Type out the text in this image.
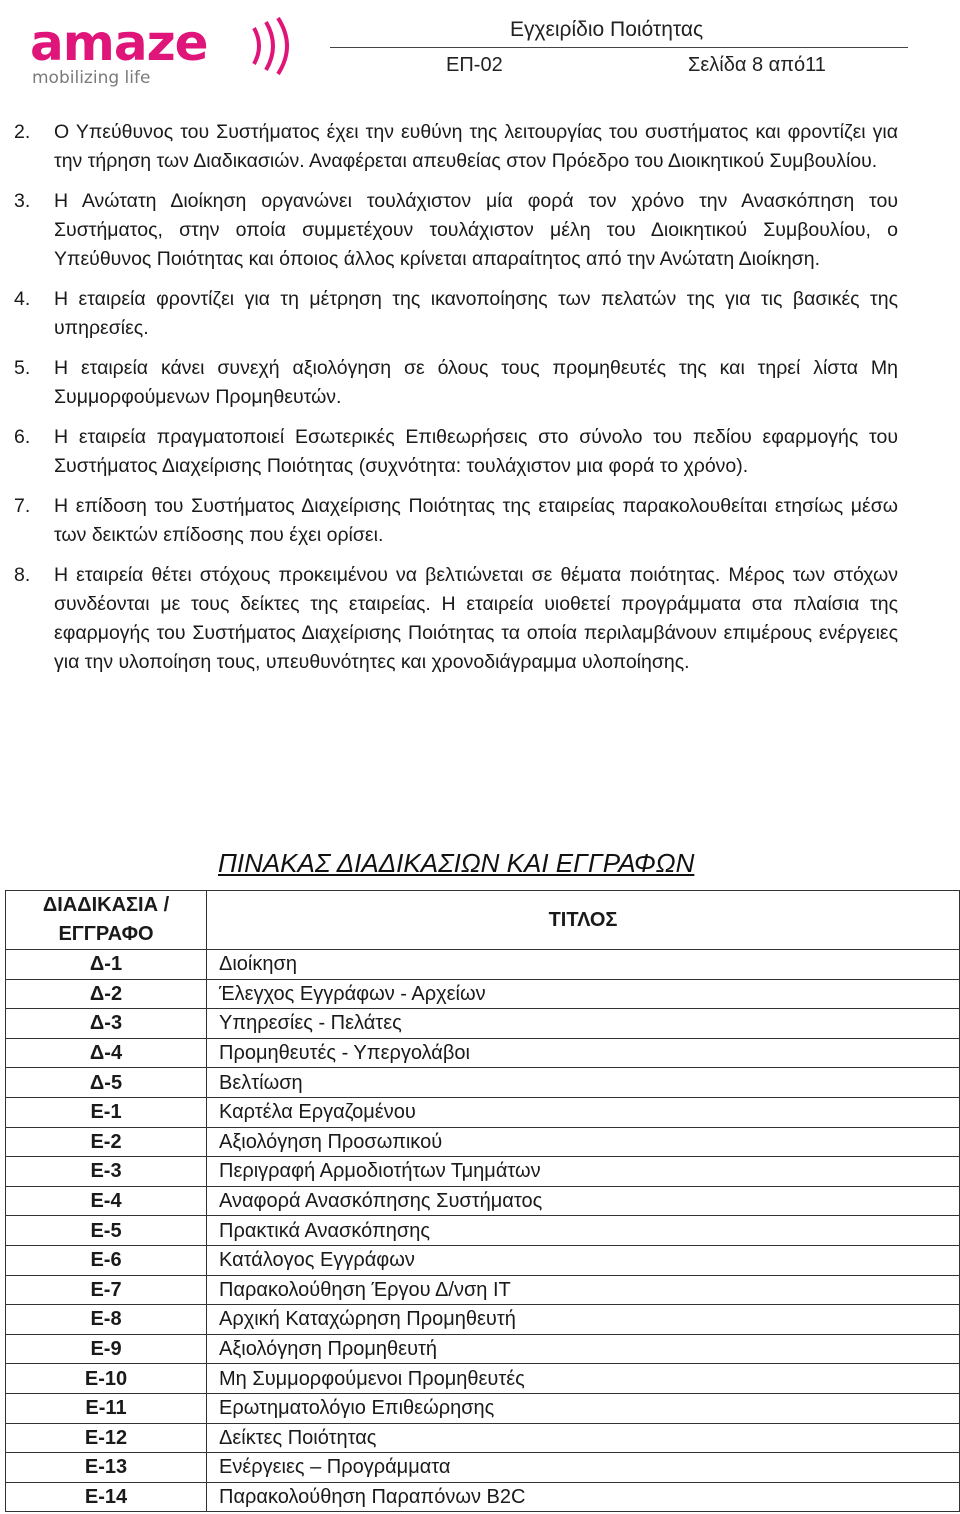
amaze
mobilizing life
Εγχειρίδιο Ποιότητας
ΕΠ-02	Σελίδα 8 από11
2.	Ο Υπεύθυνος του Συστήματος έχει την ευθύνη της λειτουργίας του συστήματος και φροντίζει για την τήρηση των Διαδικασιών. Αναφέρεται απευθείας στον Πρόεδρο του Διοικητικού Συμβουλίου.
3.	Η Ανώτατη Διοίκηση οργανώνει τουλάχιστον μία φορά τον χρόνο την Ανασκόπηση του Συστήματος, στην οποία συμμετέχουν τουλάχιστον μέλη του Διοικητικού Συμβουλίου, ο Υπεύθυνος Ποιότητας και όποιος άλλος κρίνεται απαραίτητος από την Ανώτατη Διοίκηση.
4.	Η εταιρεία φροντίζει για τη μέτρηση της ικανοποίησης των πελατών της για τις βασικές της υπηρεσίες.
5.	Η εταιρεία κάνει συνεχή αξιολόγηση σε όλους τους προμηθευτές της και τηρεί λίστα Μη Συμμορφούμενων Προμηθευτών.
6.	Η εταιρεία πραγματοποιεί Εσωτερικές Επιθεωρήσεις στο σύνολο του πεδίου εφαρμογής του Συστήματος Διαχείρισης Ποιότητας (συχνότητα: τουλάχιστον μια φορά το χρόνο).
7.	Η επίδοση του Συστήματος Διαχείρισης Ποιότητας της εταιρείας παρακολουθείται ετησίως μέσω των δεικτών επίδοσης που έχει ορίσει.
8.	Η εταιρεία θέτει στόχους προκειμένου να βελτιώνεται σε θέματα ποιότητας. Μέρος των στόχων συνδέονται με τους δείκτες της εταιρείας. Η εταιρεία υιοθετεί προγράμματα στα πλαίσια της εφαρμογής του Συστήματος Διαχείρισης Ποιότητας τα οποία περιλαμβάνουν επιμέρους ενέργειες για την υλοποίηση τους, υπευθυνότητες και χρονοδιάγραμμα υλοποίησης.
ΠΙΝΑΚΑΣ ΔΙΑΔΙΚΑΣΙΩΝ ΚΑΙ ΕΓΓΡΑΦΩΝ
ΔΙΑΔΙΚΑΣΙΑ / ΕΓΓΡΑΦΟ	ΤΙΤΛΟΣ
Δ-1	Διοίκηση
Δ-2	Έλεγχος Εγγράφων - Αρχείων
Δ-3	Υπηρεσίες - Πελάτες
Δ-4	Προμηθευτές - Υπεργολάβοι
Δ-5	Βελτίωση
Ε-1	Καρτέλα Εργαζομένου
Ε-2	Αξιολόγηση Προσωπικού
Ε-3	Περιγραφή Αρμοδιοτήτων Τμημάτων
Ε-4	Αναφορά Ανασκόπησης Συστήματος
Ε-5	Πρακτικά Ανασκόπησης
Ε-6	Κατάλογος Εγγράφων
Ε-7	Παρακολούθηση Έργου Δ/νση IT
Ε-8	Αρχική Καταχώρηση Προμηθευτή
Ε-9	Αξιολόγηση Προμηθευτή
Ε-10	Μη Συμμορφούμενοι Προμηθευτές
Ε-11	Ερωτηματολόγιο Επιθεώρησης
Ε-12	Δείκτες Ποιότητας
Ε-13	Ενέργειες – Προγράμματα
Ε-14	Παρακολούθηση Παραπόνων B2C
